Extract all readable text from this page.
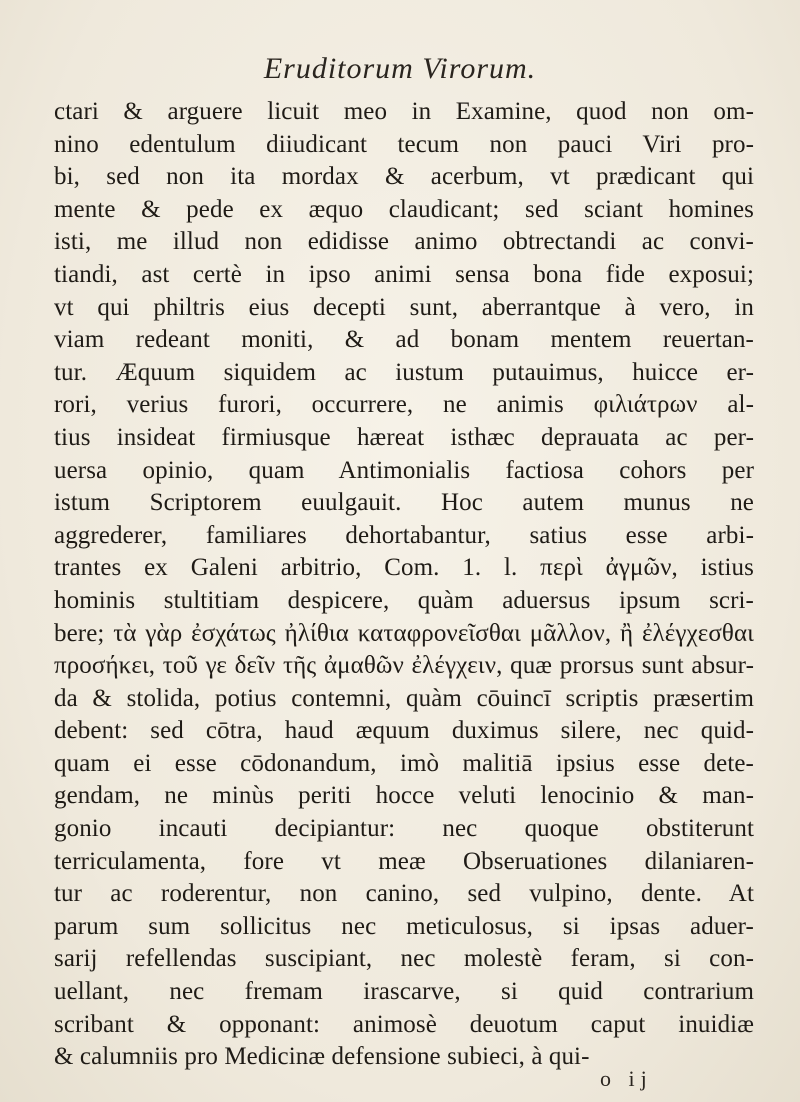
Eruditorum Virorum.
ctari & arguere licuit meo in Examine, quod non om-
nino edentulum diiudicant tecum non pauci Viri pro-
bi, sed non ita mordax & acerbum, vt prædicant qui
mente & pede ex æquo claudicant; sed sciant homines
isti, me illud non edidisse animo obtrectandi ac convi-
tiandi, ast certè in ipso animi sensa bona fide exposui;
vt qui philtris eius decepti sunt, aberrantque à vero, in
viam redeant moniti, & ad bonam mentem reuertan-
tur. Æquum siquidem ac iustum putauimus, huicce er-
rori, verius furori, occurrere, ne animis φιλιάτρων al-
tius insideat firmiusque hæreat isthæc deprauata ac per-
uersa opinio, quam Antimonialis factiosa cohors per
istum Scriptorem euulgauit. Hoc autem munus ne
aggrederer, familiares dehortabantur, satius esse arbi-
trantes ex Galeni arbitrio, Com. 1. l. περὶ ἀγμῶν, istius
hominis stultitiam despicere, quàm aduersus ipsum scri-
bere; τὰ γὰρ ἐσχάτως ἠλίθια καταφρονεῖσθαι μᾶλλον, ἢ ἐλέγχεσθαι
προσήκει, τοῦ γε δεῖν τῆς ἀμαθῶν ἐλέγχειν, quæ prorsus sunt absur-
da & stolida, potius contemni, quàm cōuincī scriptis præsertim
debent: sed cōtra, haud æquum duximus silere, nec quid-
quam ei esse cōdonandum, imò malitiā ipsius esse dete-
gendam, ne minùs periti hocce veluti lenocinio & man-
gonio incauti decipiantur: nec quoque obstiterunt
terriculamenta, fore vt meæ Obseruationes dilaniaren-
tur ac roderentur, non canino, sed vulpino, dente. At
parum sum sollicitus nec meticulosus, si ipsas aduer-
sarij refellendas suscipiant, nec molestè feram, si con-
uellant, nec fremam irascarve, si quid contrarium
scribant & opponant: animosè deuotum caput inuidiæ
& calumniis pro Medicinæ defensione subieci, à qui-
o ij
